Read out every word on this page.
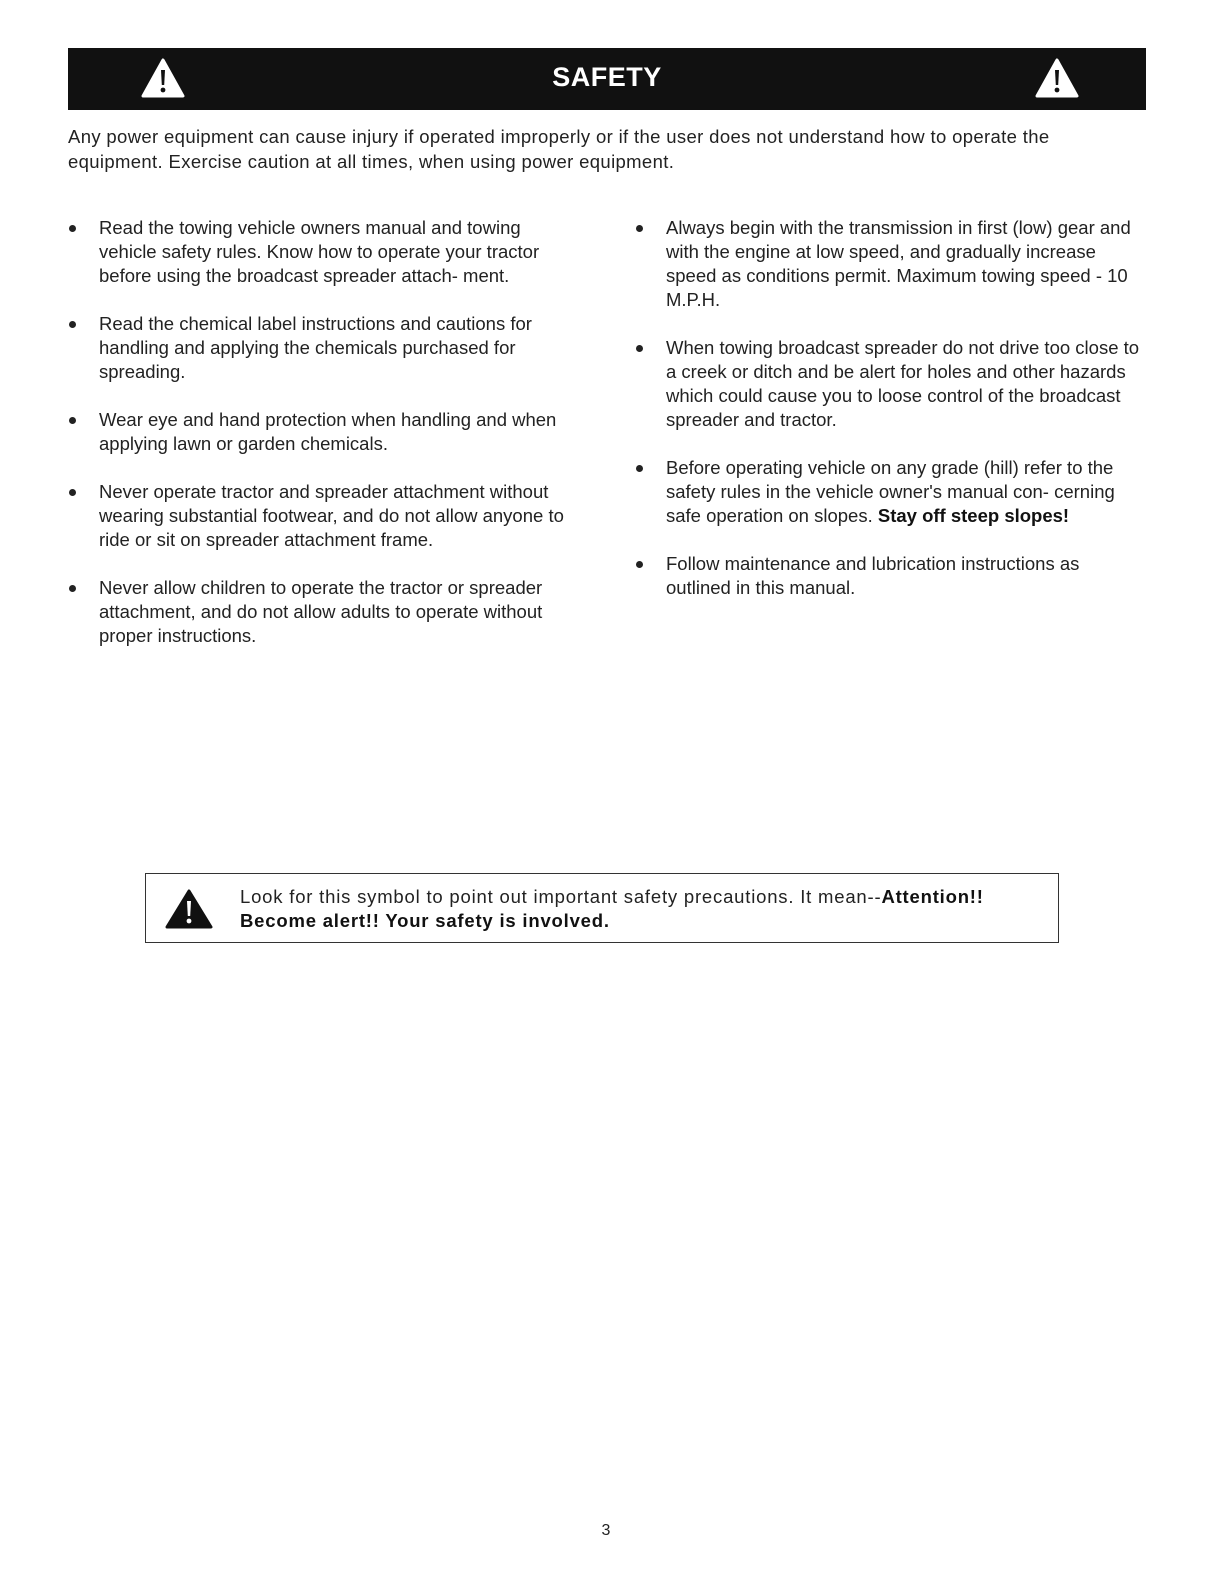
SAFETY

Any power equipment can cause injury if operated improperly or if the user does not understand how to operate the equipment. Exercise caution at all times, when using power equipment.

Read the towing vehicle owners manual and towing vehicle safety rules. Know how to operate your tractor before using the broadcast spreader attach- ment.
Read the chemical label instructions and cautions for handling and applying the chemicals purchased for spreading.
Wear eye and hand protection when handling and when applying lawn or garden chemicals.
Never operate tractor and spreader attachment without wearing substantial footwear, and do not allow anyone to ride or sit on spreader attachment frame.
Never allow children to operate the tractor or spreader attachment, and do not allow adults to operate without proper instructions.
Always begin with the transmission in first (low) gear and with the engine at low speed, and gradually increase speed as conditions permit. Maximum towing speed - 10 M.P.H.
When towing broadcast spreader do not drive too close to a creek or ditch and be alert for holes and other hazards which could cause you to loose control of the broadcast spreader and tractor.
Before operating vehicle on any grade (hill) refer to the safety rules in the vehicle owner's manual con- cerning safe operation on slopes. Stay off steep slopes!
Follow maintenance and lubrication instructions as outlined in this manual.

Look for this symbol to point out important safety precautions. It mean--Attention!! Become alert!! Your safety is involved.

3
